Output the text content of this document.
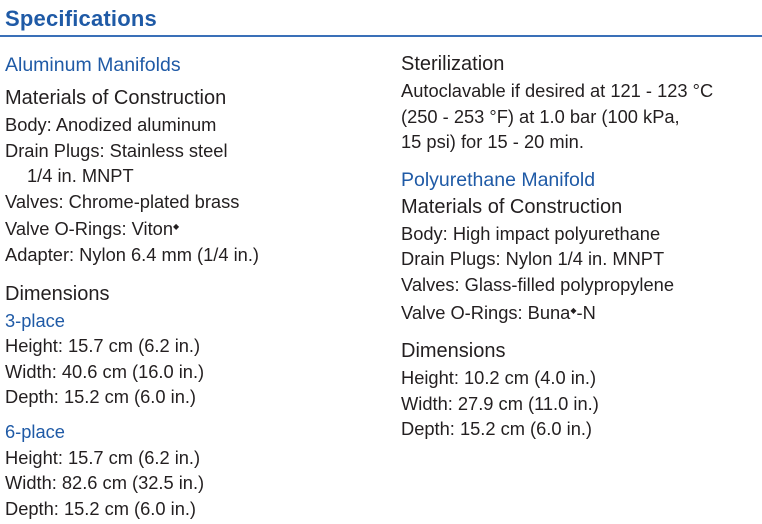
Specifications
Aluminum Manifolds
Materials of Construction
Body: Anodized aluminum
Drain Plugs: Stainless steel
1/4 in. MNPT
Valves: Chrome-plated brass
Valve O-Rings: Viton◆
Adapter: Nylon 6.4 mm (1/4 in.)
Dimensions
3-place
Height: 15.7 cm (6.2 in.)
Width: 40.6 cm (16.0 in.)
Depth: 15.2 cm (6.0 in.)
6-place
Height: 15.7 cm (6.2 in.)
Width: 82.6 cm (32.5 in.)
Depth: 15.2 cm (6.0 in.)
Sterilization
Autoclavable if desired at 121 - 123 °C
(250 - 253 °F) at 1.0 bar (100 kPa,
15 psi) for 15 - 20 min.
Polyurethane Manifold
Materials of Construction
Body: High impact polyurethane
Drain Plugs: Nylon 1/4 in. MNPT
Valves: Glass-filled polypropylene
Valve O-Rings: Buna◆-N
Dimensions
Height: 10.2 cm (4.0 in.)
Width: 27.9 cm (11.0 in.)
Depth: 15.2 cm (6.0 in.)
